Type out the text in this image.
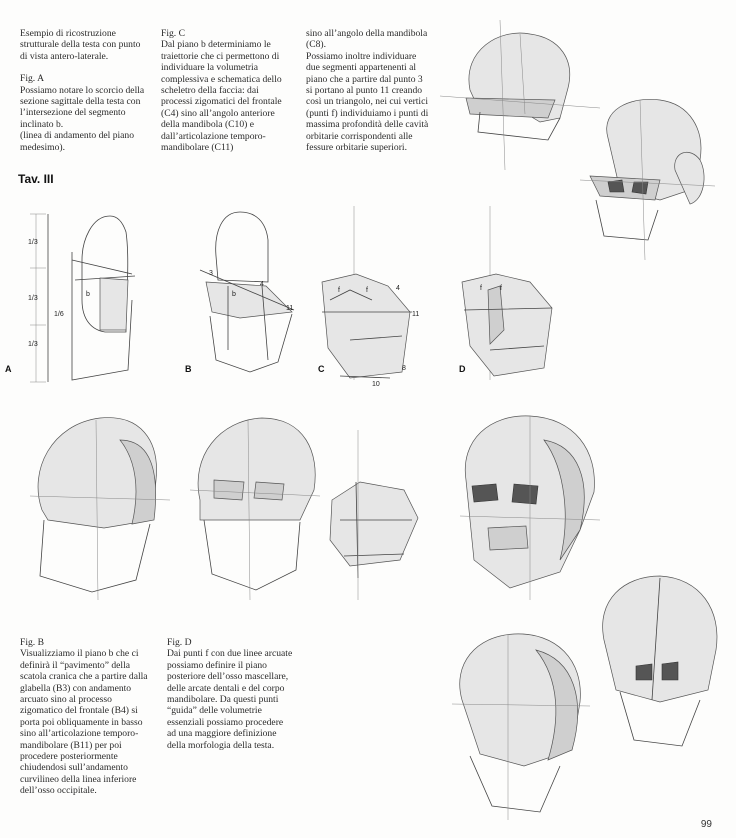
Esempio di ricostruzione strutturale della testa con punto di vista antero-laterale.

Fig. A

Possiamo notare lo scorcio della sezione sagittale della testa con l’intersezione del segmento inclinato b.

(linea di andamento del piano medesimo).

Fig. C

Dal piano b determiniamo le traiettorie che ci permettono di individuare la volumetria complessiva e schematica dello scheletro della faccia: dai processi zigomatici del frontale (C4) sino all’angolo anteriore della mandibola (C10) e dall’articolazione temporo-mandibolare (C11)

sino all’angolo della mandibola (C8).

Possiamo inoltre individuare due segmenti appartenenti al piano che a partire dal punto 3 si portano al punto 11 creando così un triangolo, nei cui vertici (punti f) individuiamo i punti di massima profondità delle cavità orbitarie corrispondenti alle fessure orbitarie superiori.

Tav. III

Fig. B

Visualizziamo il piano b che ci definirà il “pavimento” della scatola cranica che a partire dalla glabella (B3) con andamento arcuato sino al processo zigomatico del frontale (B4) si porta poi obliquamente in basso sino all’articolazione temporo-mandibolare (B11) per poi procedere posteriormente chiudendosi sull’andamento curvilineo della linea inferiore dell’osso occipitale.

Fig. D

Dai punti f con due linee arcuate possiamo definire il piano posteriore dell’osso mascellare, delle arcate dentali e del corpo mandibolare. Da questi punti “guida” delle volumetrie essenziali possiamo procedere ad una maggiore definizione della morfologia della testa.

A	B	C	D
99
1/3
1/3
1/3
1/6
b
3
4
11
b
f	f	4
11
8
10
f	f
